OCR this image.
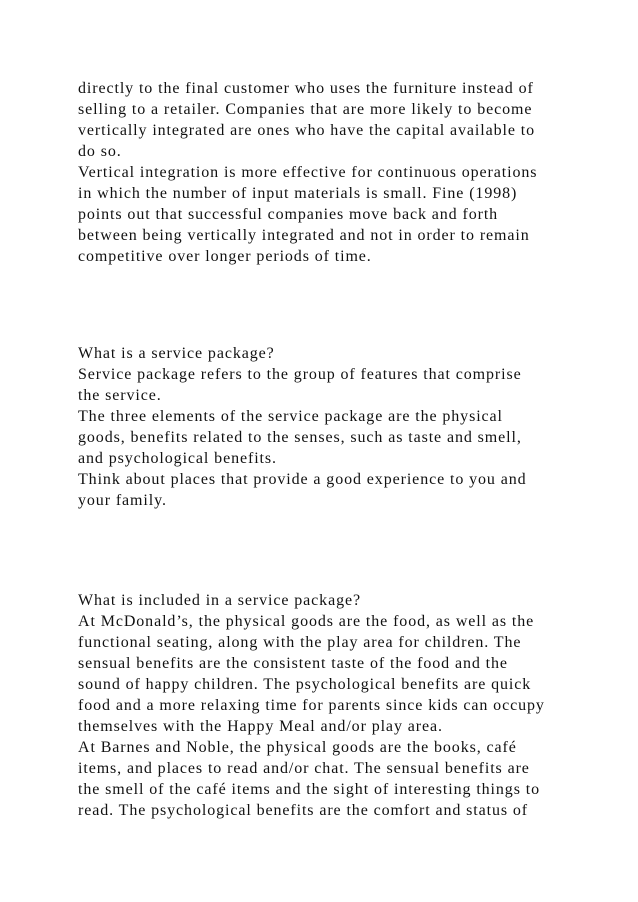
directly to the final customer who uses the furniture instead of
selling to a retailer. Companies that are more likely to become
vertically integrated are ones who have the capital available to
do so.
Vertical integration is more effective for continuous operations
in which the number of input materials is small. Fine (1998)
points out that successful companies move back and forth
between being vertically integrated and not in order to remain
competitive over longer periods of time.
What is a service package?
Service package refers to the group of features that comprise
the service.
The three elements of the service package are the physical
goods, benefits related to the senses, such as taste and smell,
and psychological benefits.
Think about places that provide a good experience to you and
your family.
What is included in a service package?
At McDonald’s, the physical goods are the food, as well as the
functional seating, along with the play area for children. The
sensual benefits are the consistent taste of the food and the
sound of happy children. The psychological benefits are quick
food and a more relaxing time for parents since kids can occupy
themselves with the Happy Meal and/or play area.
At Barnes and Noble, the physical goods are the books, café
items, and places to read and/or chat. The sensual benefits are
the smell of the café items and the sight of interesting things to
read. The psychological benefits are the comfort and status of
